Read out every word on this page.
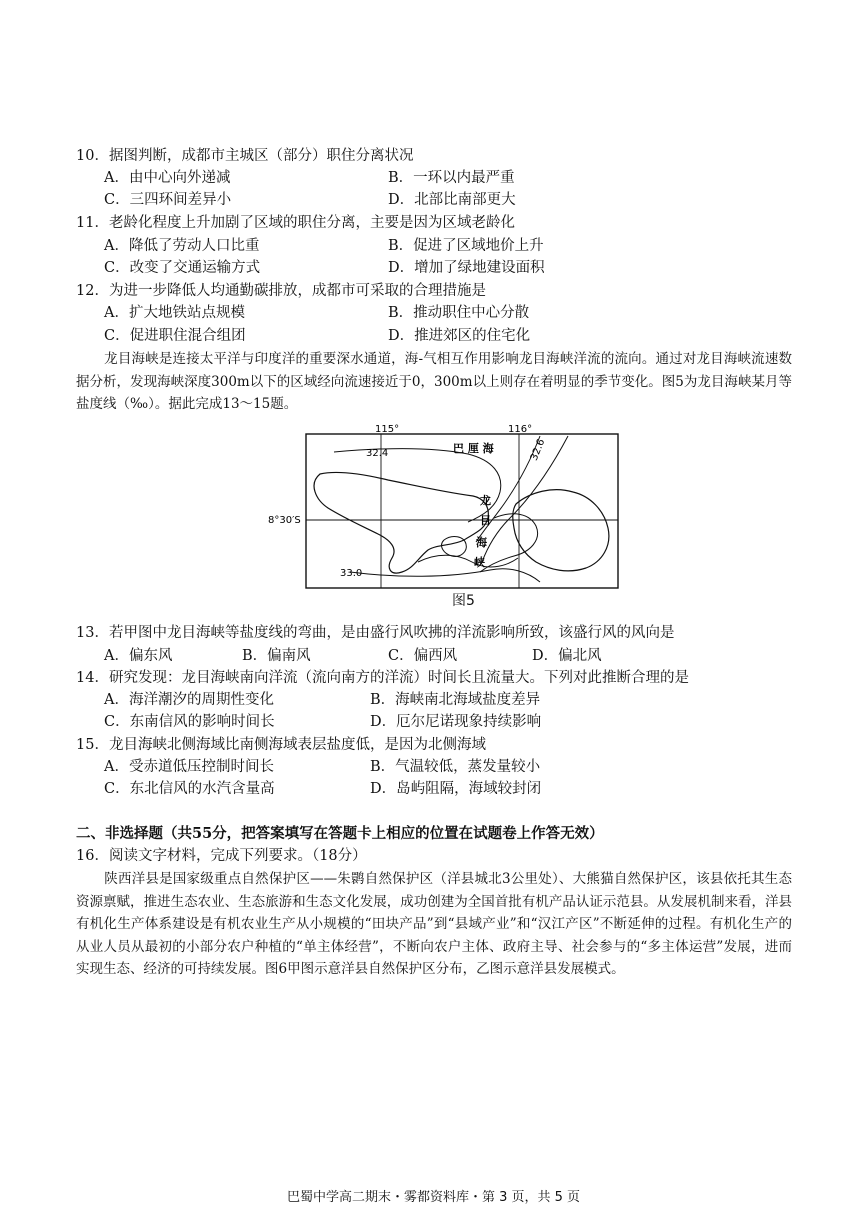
10．据图判断，成都市主城区（部分）职住分离状况
A．由中心向外递减	B．一环以内最严重
C．三四环间差异小	D．北部比南部更大
11．老龄化程度上升加剧了区域的职住分离，主要是因为区域老龄化
A．降低了劳动人口比重	B．促进了区域地价上升
C．改变了交通运输方式	D．增加了绿地建设面积
12．为进一步降低人均通勤碳排放，成都市可采取的合理措施是
A．扩大地铁站点规模	B．推动职住中心分散
C．促进职住混合组团	D．推进郊区的住宅化
龙目海峡是连接太平洋与印度洋的重要深水通道，海-气相互作用影响龙目海峡洋流的流向。通过对龙目海峡流速数据分析，发现海峡深度300m以下的区域经向流速接近于0，300m以上则存在着明显的季节变化。图5为龙目海峡某月等盐度线（‰）。据此完成13～15题。
115°	116°
8°30′S
巴 厘 海
32.4	32.6
33.0
龙
目
海
峡
图5
13．若甲图中龙目海峡等盐度线的弯曲，是由盛行风吹拂的洋流影响所致，该盛行风的风向是
A．偏东风	B．偏南风	C．偏西风	D．偏北风
14．研究发现：龙目海峡南向洋流（流向南方的洋流）时间长且流量大。下列对此推断合理的是
A．海洋潮汐的周期性变化	B．海峡南北海域盐度差异
C．东南信风的影响时间长	D．厄尔尼诺现象持续影响
15．龙目海峡北侧海域比南侧海域表层盐度低，是因为北侧海域
A．受赤道低压控制时间长	B．气温较低，蒸发量较小
C．东北信风的水汽含量高	D．岛屿阻隔，海域较封闭
二、非选择题（共55分，把答案填写在答题卡上相应的位置在试题卷上作答无效）
16．阅读文字材料，完成下列要求。（18分）
陕西洋县是国家级重点自然保护区——朱鹮自然保护区（洋县城北3公里处）、大熊猫自然保护区，该县依托其生态资源禀赋，推进生态农业、生态旅游和生态文化发展，成功创建为全国首批有机产品认证示范县。从发展机制来看，洋县有机化生产体系建设是有机农业生产从小规模的“田块产品”到“县域产业”和“汉江产区”不断延伸的过程。有机化生产的从业人员从最初的小部分农户种植的“单主体经营”，不断向农户主体、政府主导、社会参与的“多主体运营”发展，进而实现生态、经济的可持续发展。图6甲图示意洋县自然保护区分布，乙图示意洋县发展模式。
巴蜀中学高二期末・雾都资料库・第 3 页，共 5 页
